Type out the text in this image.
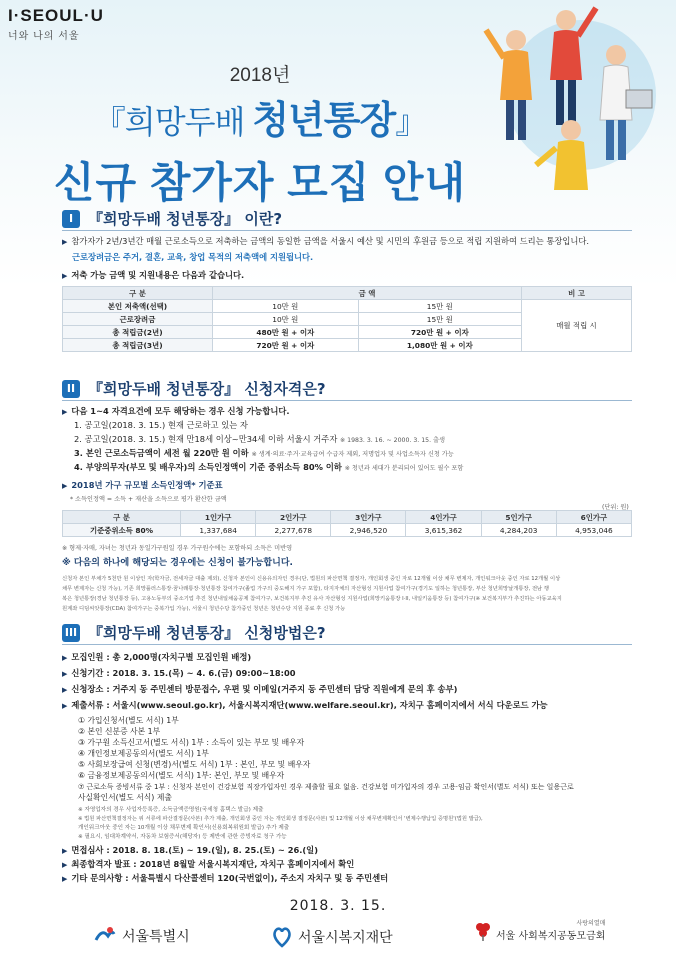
I·SEOUL·U
너와 나의 서울
2018년
『희망두배 청년통장』
신규 참가자 모집 안내
I 『희망두배 청년통장』 이란?
▶ 참가자가 2년/3년간 매월 근로소득으로 저축하는 금액의 동일한 금액을 서울시 예산 및 시민의 후원금 등으로 적립 지원하여 드리는 통장입니다.
근로장려금은 주거, 결혼, 교육, 창업 목적의 저축액에 지원됩니다.
▶ 저축 가능 금액 및 지원내용은 다음과 같습니다.
구 분	금 액		비 고
본인 저축액(선택)	10만 원	15만 원	매월 적립 시
근로장려금	10만 원	15만 원	
총 적립금(2년)	480만 원 + 이자	720만 원 + 이자	
총 적립금(3년)	720만 원 + 이자	1,080만 원 + 이자	
II 『희망두배 청년통장』 신청자격은?
▶ 다음 1~4 자격요건에 모두 해당하는 경우 신청 가능합니다.
1. 공고일(2018. 3. 15.) 현재 근로하고 있는 자
2. 공고일(2018. 3. 15.) 현재 만18세 이상~만34세 이하 서울시 거주자 ※ 1983. 3. 16. ~ 2000. 3. 15. 출생
3. 본인 근로소득금액이 세전 월 220만 원 이하 ※ 생계·의료·주거·교육급여 수급자 제외, 저명업자 및 사업소득자 신청 가능
4. 부양의무자(부모 및 배우자)의 소득인정액이 기준 중위소득 80% 이하 ※ 청년과 세대가 분리되어 있어도 필수 포함
▶ 2018년 가구 규모별 소득인정액* 기준표
* 소득인정액 = 소득 + 재산을 소득으로 평가 환산한 금액
(단위: 원)
구 분	1인가구	2인가구	3인가구	4인가구	5인가구	6인가구
기준중위소득 80%	1,337,684	2,277,678	2,946,520	3,615,362	4,284,203	4,953,046
※ 형제·자매, 자녀는 청년과 동일가구원일 경우 가구원수에는 포함하되 소득은 미반영
※ 다음의 하나에 해당되는 경우에는 신청이 불가능합니다.
신청자 본인 부채가 5천만 원 이상인 자(학자금, 전세자금 대출 제외), 신청자 본인이 신용유의자인 경우(단, 법원의 파산면책 결정자, 개인회생 중인 자로 12개월 이상 채무 변제자, 개인워크아웃 중인 자로 12개월 이상
채무 변제자는 신청 가능), 기존 희망플러스통장·꿈나래통장·청년통장 참여가구(졸업 가구의 중도해지 가구 포함), 타지자체의 자산형성 지원사업 참여가구(경기도 일하는 청년통장, 부산 청년희망날개통장, 전남 행
복은 청년통장(경남 청년통장 등), 고용노동부의 중소기업 추진 청년내일채움공제 참여가구, 보건복지부 추진 유사 자산형성 지원사업(희망키움통장 I·II, 내일키움통장 등) 참여가구(※ 보건복지부가 추진하는 아동교육지
원계좌 디딤씨앗통장(CDA) 참여가구는 중복가입 가능), 서울시 청년수당 참가중인 청년은 청년수당 지원 종료 후 신청 가능
III 『희망두배 청년통장』 신청방법은?
▶ 모집인원 : 총 2,000명(자치구별 모집인원 배정)
▶ 신청기간 : 2018. 3. 15.(목) ~ 4. 6.(금) 09:00~18:00
▶ 신청장소 : 거주지 동 주민센터 방문접수, 우편 및 이메일(거주지 동 주민센터 담당 직원에게 문의 후 송부)
▶ 제출서류 : 서울시(www.seoul.go.kr), 서울시복지재단(www.welfare.seoul.kr), 자치구 홈페이지에서 서식 다운로드 가능
① 가입신청서(별도 서식) 1부
② 본인 신분증 사본 1부
③ 가구원 소득신고서(별도 서식) 1부 : 소득이 있는 부모 및 배우자
④ 개인정보제공동의서(별도 서식) 1부
⑤ 사회보장급여 신청(변경)서(별도 서식) 1부 : 본인, 부모 및 배우자
⑥ 금융정보제공동의서(별도 서식) 1부: 본인, 부모 및 배우자
⑦ 근로소득 증빙서류 중 1부 : 신청자 본인이 건강보험 직장가입자인 경우 제출할 필요 없음. 건강보험 미가입자의 경우 고용·임금 확인서(별도 서식) 또는 일용근로
사실확인서(별도 서식) 제출
※ 자영업자의 경우 사업자등록증, 소득금액증명원(국세청 홈택스 발급) 제출
※ 법원 파산면책결정자는 위 서류에 파산결정문(사본) 추가 제출, 개인회생 중인 자는 개인회생 결정문(사본) 및 12개월 이상 채무변제확인서 '변제수행납입 증명원'(법원 발급),
개인워크아웃 중인 자는 10개월 이상 채무변제 확인서(신용회복위원회 발급) 추가 제출
※ 필요시, 임대차계약서, 자동차 보험증서(해당자) 등 제반에 관한 증빙자료 청구 가능
▶ 면접심사 : 2018. 8. 18.(토) ~ 19.(일), 8. 25.(토) ~ 26.(일)
▶ 최종합격자 발표 : 2018년 8월말 서울시복지재단, 자치구 홈페이지에서 확인
▶ 기타 문의사항 : 서울특별시 다산콜센터 120(국번없이), 주소지 자치구 및 동 주민센터
2018. 3. 15.
서울특별시	서울시복지재단
사랑의열매
서울 사회복지공동모금회
